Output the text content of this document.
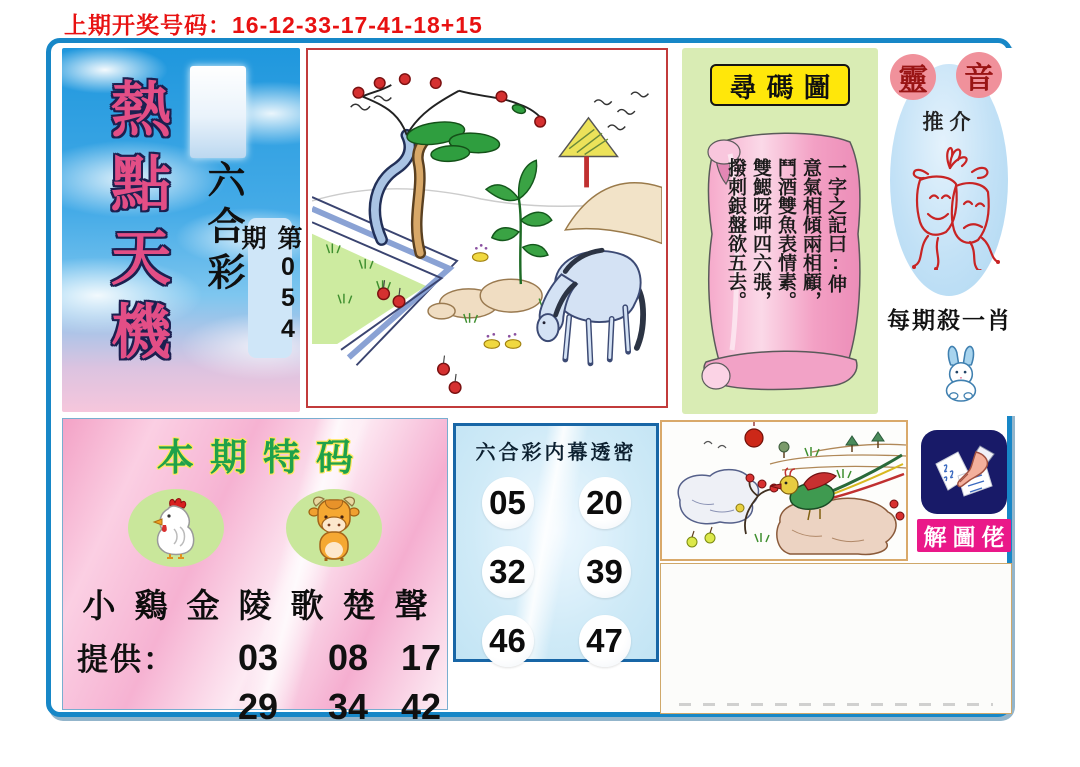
上期开奖号码：16-12-33-17-41-18+15
熱點天機 六合彩	第054期
尋碼圖
一字之記曰:伸
意氣相傾兩相顧，
鬥酒雙魚表情素。
雙鰓呀呷四六張，
撥刺銀盤欲五去。
靈 音
推介
每期殺一肖
本期特码
小鷄金陵歌楚聲
提供：	03	08 17
29	34 42
六合彩内幕透密
05 20
32 39
46 47
解圖佬
